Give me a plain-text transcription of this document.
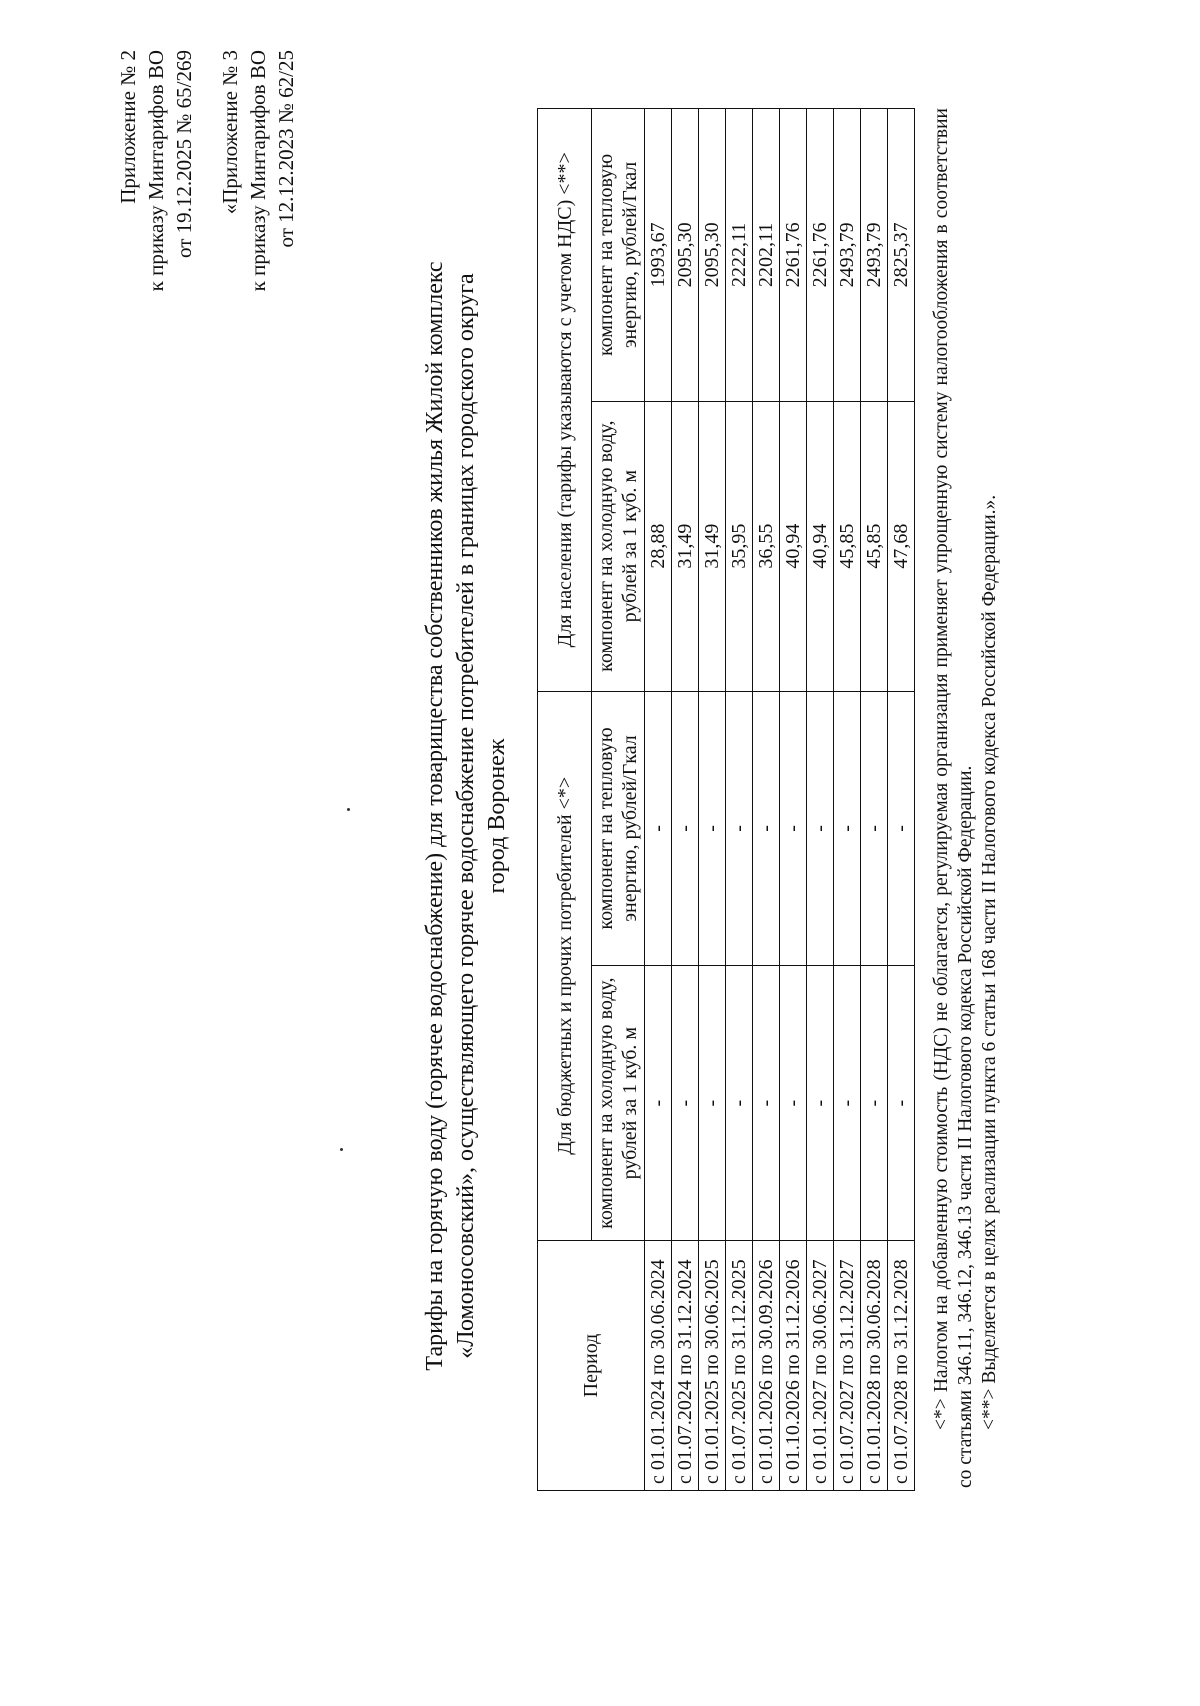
Приложение № 2 к приказу Минтарифов ВО от 19.12.2025 № 65/269 «Приложение № 3 к приказу Минтарифов ВО от 12.12.2023 № 62/25
Тарифы на горячую воду (горячее водоснабжение) для товарищества собственников жилья Жилой комплекс «Ломоносовский», осуществляющего горячее водоснабжение потребителей в границах городского округа город Воронеж
Период	Для бюджетных и прочих потребителей <*>		Для населения (тарифы указываются с учетом НДС) <**>	
	компонент на холодную воду, рублей за 1 куб. м	компонент на тепловую энергию, рублей/Гкал	компонент на холодную воду, рублей за 1 куб. м	компонент на тепловую энергию, рублей/Гкал
с 01.01.2024 по 30.06.2024	-	-	28,88	1993,67
с 01.07.2024 по 31.12.2024	-	-	31,49	2095,30
с 01.01.2025 по 30.06.2025	-	-	31,49	2095,30
с 01.07.2025 по 31.12.2025	-	-	35,95	2222,11
с 01.01.2026 по 30.09.2026	-	-	36,55	2202,11
с 01.10.2026 по 31.12.2026	-	-	40,94	2261,76
с 01.01.2027 по 30.06.2027	-	-	40,94	2261,76
с 01.07.2027 по 31.12.2027	-	-	45,85	2493,79
с 01.01.2028 по 30.06.2028	-	-	45,85	2493,79
с 01.07.2028 по 31.12.2028	-	-	47,68	2825,37 <*> Налогом на добавленную стоимость (НДС) не облагается, регулируемая организация применяет упрощенную систему налогообложения в соответствии со статьями 346.11, 346.12, 346.13 части II Налогового кодекса Российской Федерации. <**> Выделяется в целях реализации пункта 6 статьи 168 части II Налогового кодекса Российской Федерации.».
